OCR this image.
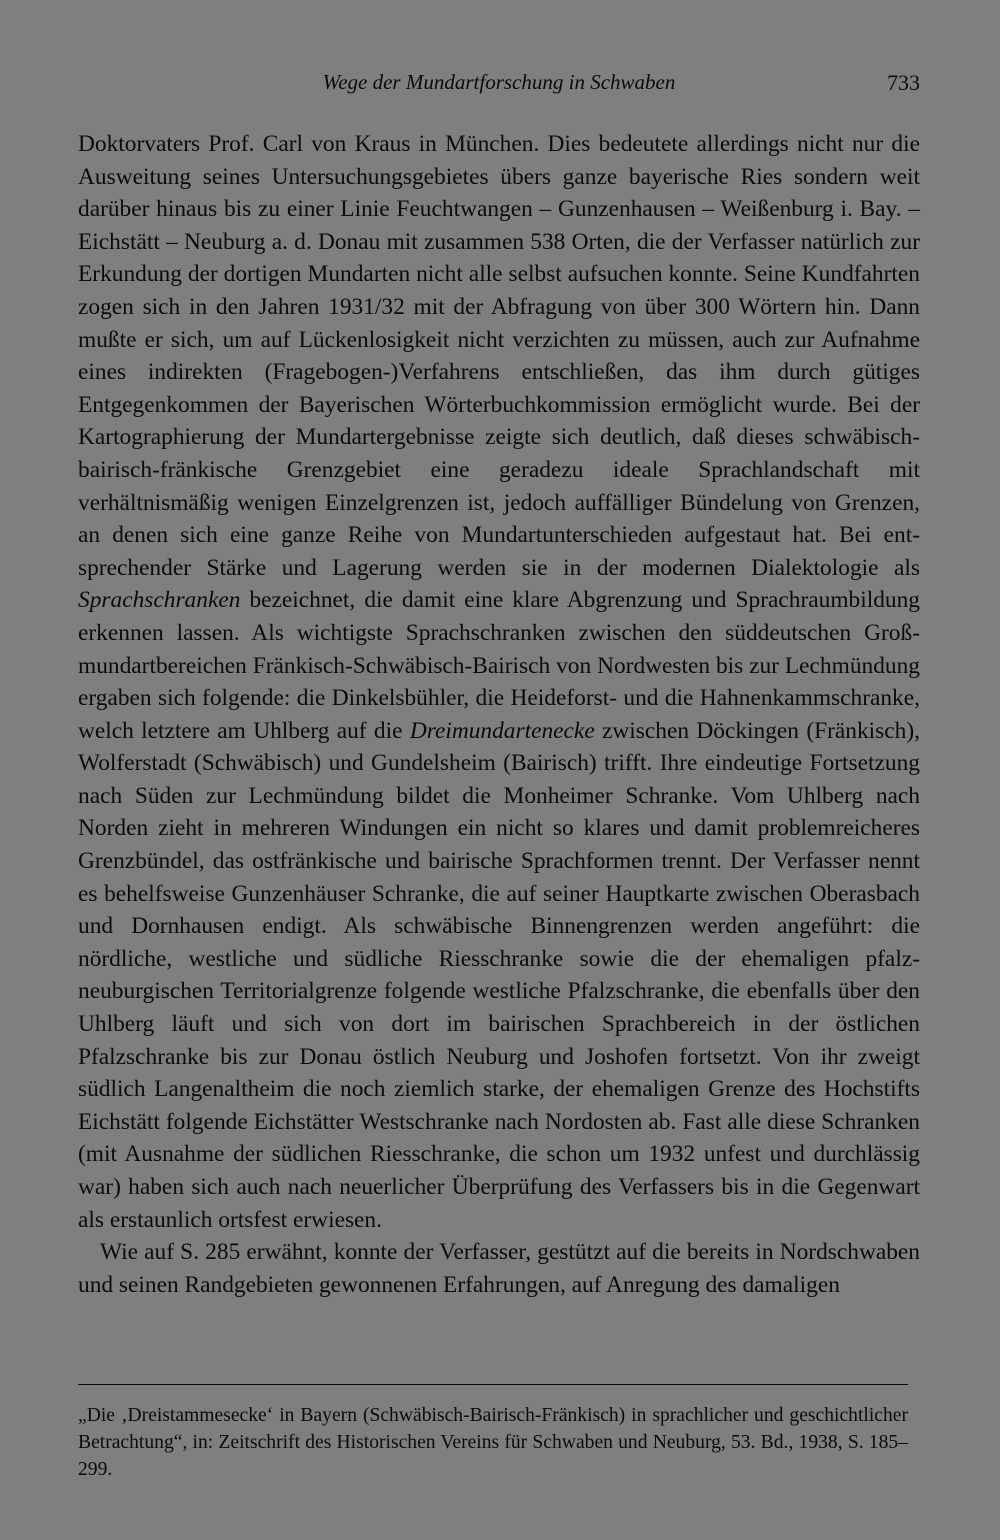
Wege der Mundartforschung in Schwaben	733

Doktorvaters Prof. Carl von Kraus in München. Dies bedeutete allerdings nicht nur die Ausweitung seines Untersuchungsgebietes übers ganze bayerische Ries sondern weit darüber hinaus bis zu einer Linie Feuchtwangen – Gunzenhausen – Weißenburg i. Bay. – Eichstätt – Neuburg a. d. Donau mit zusammen 538 Orten, die der Verfasser natürlich zur Erkundung der dortigen Mundarten nicht alle selbst aufsuchen konnte. Seine Kundfahrten zogen sich in den Jahren 1931/32 mit der Abfragung von über 300 Wörtern hin. Dann mußte er sich, um auf Lückenlosigkeit nicht verzichten zu müssen, auch zur Aufnahme eines indirekten (Fragebogen-)Verfahrens entschließen, das ihm durch gütiges Entgegenkommen der Bayerischen Wörterbuchkommission ermöglicht wurde. Bei der Kartographierung der Mundartergebnisse zeigte sich deutlich, daß dieses schwäbisch-bairisch-fränkische Grenzgebiet eine geradezu ideale Sprachlandschaft mit verhältnismäßig wenigen Einzelgrenzen ist, jedoch auffälliger Bündelung von Grenzen, an denen sich eine ganze Reihe von Mundartunterschieden aufgestaut hat. Bei entsprechender Stärke und Lagerung werden sie in der modernen Dialektologie als Sprachschranken bezeichnet, die damit eine klare Abgrenzung und Sprachraumbildung erkennen lassen. Als wichtigste Sprachschranken zwischen den süddeutschen Großmundartbereichen Fränkisch-Schwäbisch-Bairisch von Nordwesten bis zur Lechmündung ergaben sich folgende: die Dinkelsbühler, die Heideforst- und die Hahnenkammschranke, welch letztere am Uhlberg auf die Dreimundartenecke zwischen Döckingen (Fränkisch), Wolferstadt (Schwäbisch) und Gundelsheim (Bairisch) trifft. Ihre eindeutige Fortsetzung nach Süden zur Lechmündung bildet die Monheimer Schranke. Vom Uhlberg nach Norden zieht in mehreren Windungen ein nicht so klares und damit problemreicheres Grenzbündel, das ostfränkische und bairische Sprachformen trennt. Der Verfasser nennt es behelfsweise Gunzenhäuser Schranke, die auf seiner Hauptkarte zwischen Oberasbach und Dornhausen endigt. Als schwäbische Binnengrenzen werden angeführt: die nördliche, westliche und südliche Riesschranke sowie die der ehemaligen pfalz-neuburgischen Territorialgrenze folgende westliche Pfalzschranke, die ebenfalls über den Uhlberg läuft und sich von dort im bairischen Sprachbereich in der östlichen Pfalzschranke bis zur Donau östlich Neuburg und Joshofen fortsetzt. Von ihr zweigt südlich Langenaltheim die noch ziemlich starke, der ehemaligen Grenze des Hochstifts Eichstätt folgende Eichstätter Westschranke nach Nordosten ab. Fast alle diese Schranken (mit Ausnahme der südlichen Riesschranke, die schon um 1932 unfest und durchlässig war) haben sich auch nach neuerlicher Überprüfung des Verfassers bis in die Gegenwart als erstaunlich ortsfest erwiesen.

Wie auf S. 285 erwähnt, konnte der Verfasser, gestützt auf die bereits in Nordschwaben und seinen Randgebieten gewonnenen Erfahrungen, auf Anregung des damaligen

„Die ‚Dreistammesecke‘ in Bayern (Schwäbisch-Bairisch-Fränkisch) in sprachlicher und geschichtlicher Betrachtung“, in: Zeitschrift des Historischen Vereins für Schwaben und Neuburg, 53. Bd., 1938, S. 185–299.
